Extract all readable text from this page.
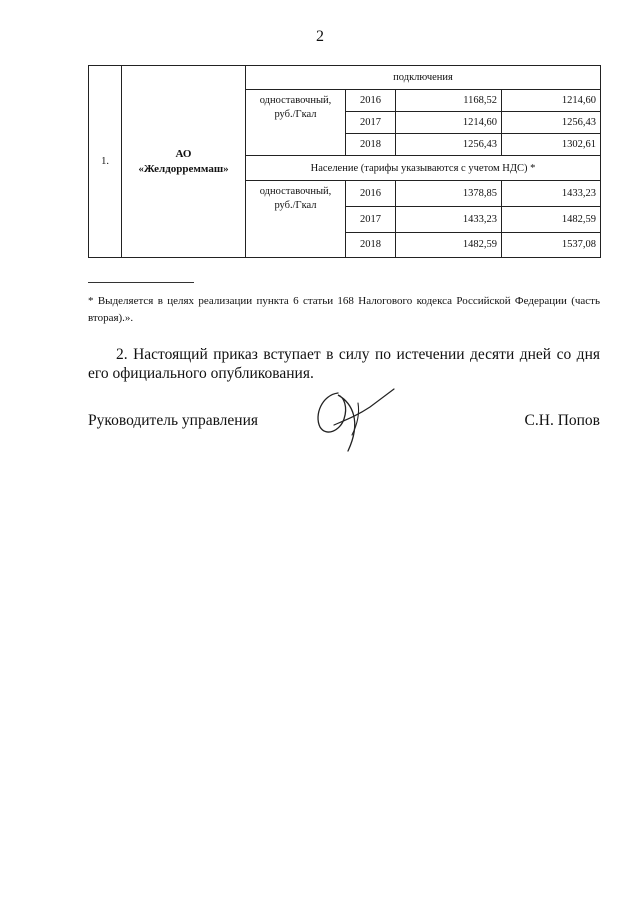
2
1.	АО
«Желдорреммаш»	подключения			
		одноставочный,
руб./Гкал	2016	1168,52	1214,60
			2017	1214,60	1256,43
			2018	1256,43	1302,61
		Население (тарифы указываются с учетом НДС) *			
		одноставочный,
руб./Гкал	2016	1378,85	1433,23
			2017	1433,23	1482,59
			2018	1482,59	1537,08
* Выделяется в целях реализации пункта 6 статьи 168 Налогового кодекса Российской Федерации (часть вторая).».
2. Настоящий приказ вступает в силу по истечении десяти дней со дня его официального опубликования.
Руководитель управления	С.Н. Попов
